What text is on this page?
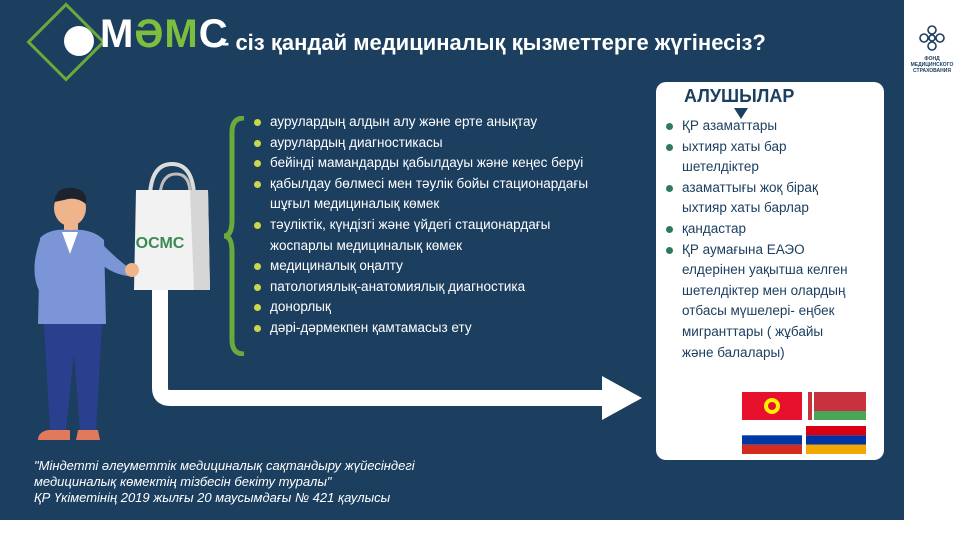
МӘМС
- сіз қандай медициналық қызметтерге жүгінесіз?
аурулардың алдын алу және ерте анықтау
аурулардың диагностикасы
бейінді мамандарды қабылдауы және кеңес беруі
қабылдау бөлмесі мен тәулік бойы стационардағы
шұғыл медициналық көмек
тәуліктік, күндізгі және үйдегі стационардағы
жоспарлы медициналық көмек
медициналық оңалту
патологиялық-анатомиялық диагностика
донорлық
дәрі-дәрмекпен қамтамасыз ету
ОСМС
АЛУШЫЛАР
ҚР азаматтары
ыхтияр хаты бар
шетелдіктер
азаматтығы жоқ бірақ
ыхтияр хаты барлар
қандастар
ҚР аумағына ЕАЭО
елдерінен уақытша келген
шетелдіктер мен олардың
отбасы мүшелері- еңбек
мигранттары ( жұбайы
және балалары)
"Міндетті әлеуметтік медициналық сақтандыру жүйесіндегі
медициналық көмектің тізбесін бекіту туралы"
ҚР Үкіметінің 2019 жылғы 20 маусымдағы № 421 қаулысы
ФОНД
МЕДИЦИНСКОГО
СТРАХОВАНИЯ
